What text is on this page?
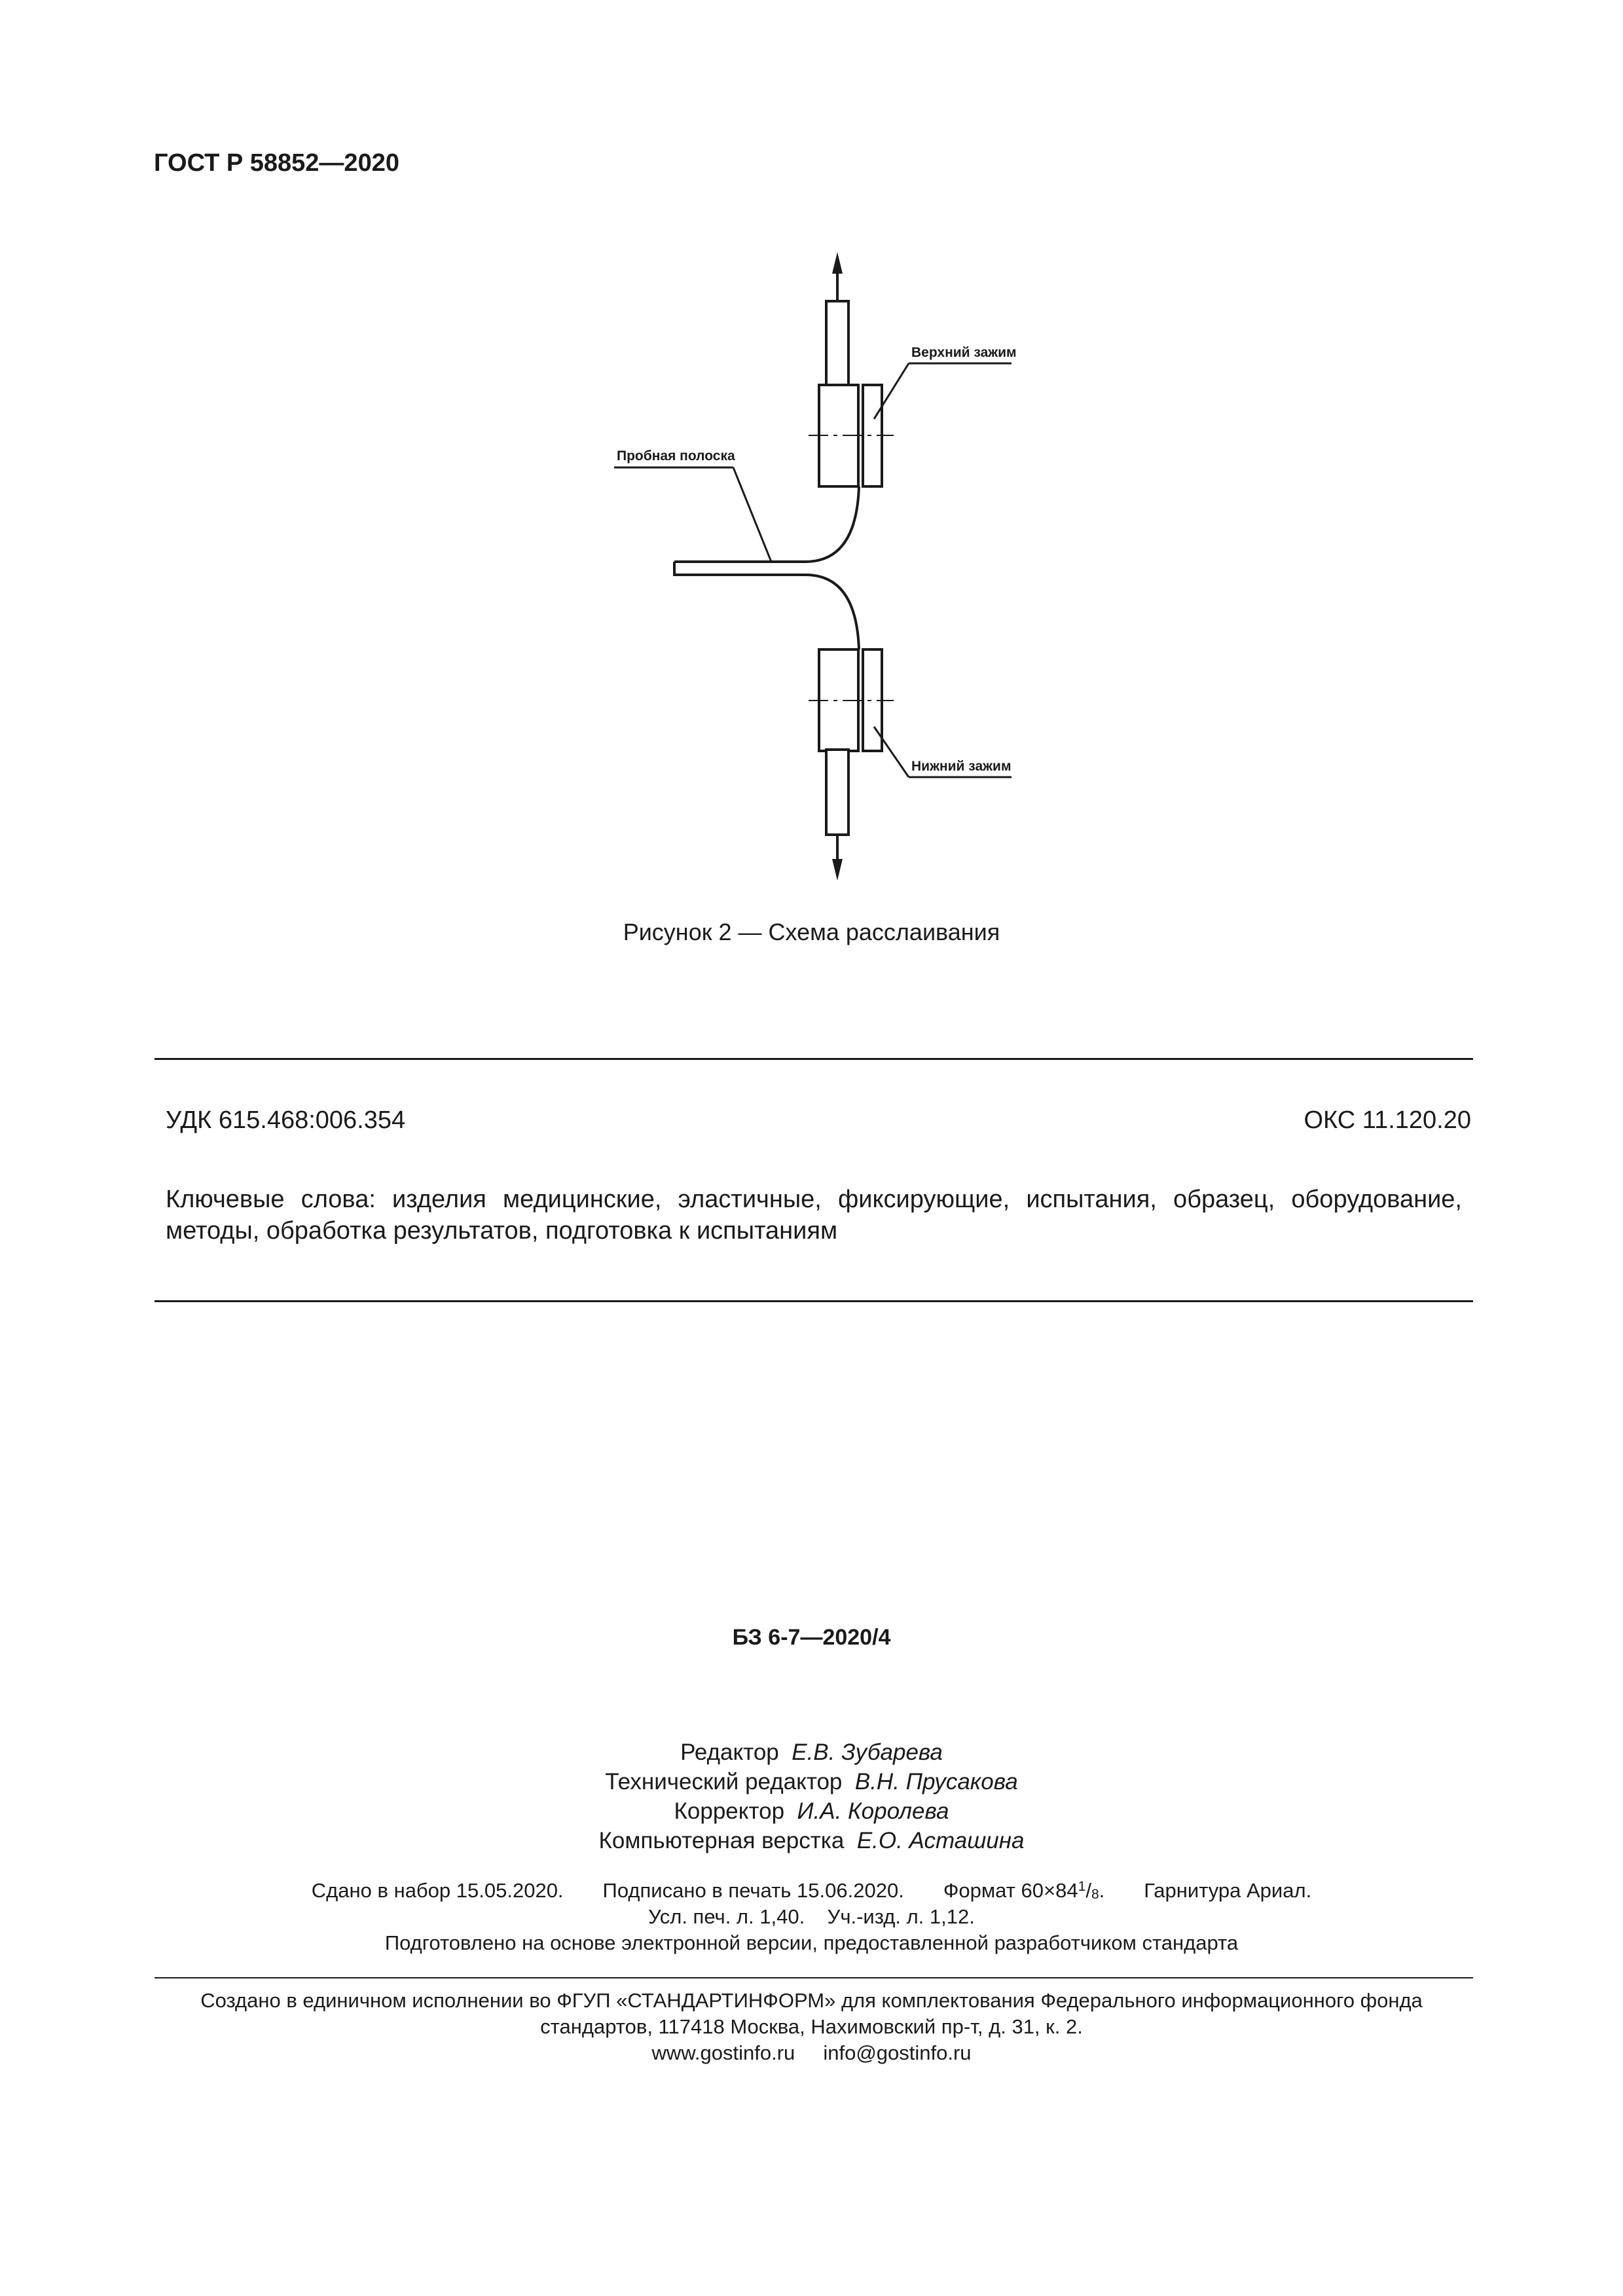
ГОСТ Р 58852—2020
Верхний зажим
Пробная полоска
Нижний зажим
Рисунок 2 — Схема расслаивания
УДК 615.468:006.354	ОКС 11.120.20
Ключевые слова: изделия медицинские, эластичные, фиксирующие, испытания, образец, оборудование, методы, обработка результатов, подготовка к испытаниям
БЗ 6-7—2020/4
Редактор Е.В. Зубарева
Технический редактор В.Н. Прусакова
Корректор И.А. Королева
Компьютерная верстка Е.О. Асташина
Сдано в набор 15.05.2020. Подписано в печать 15.06.2020. Формат $60\times 84^1/_8$. Гарнитура Ариал.
Усл. печ. л. 1,40. Уч.-изд. л. 1,12.
Подготовлено на основе электронной версии, предоставленной разработчиком стандарта
Создано в единичном исполнении во ФГУП «СТАНДАРТИНФОРМ» для комплектования Федерального информационного фонда
стандартов, 117418 Москва, Нахимовский пр-т, д. 31, к. 2.
www.gostinfo.ru info@gostinfo.ru
